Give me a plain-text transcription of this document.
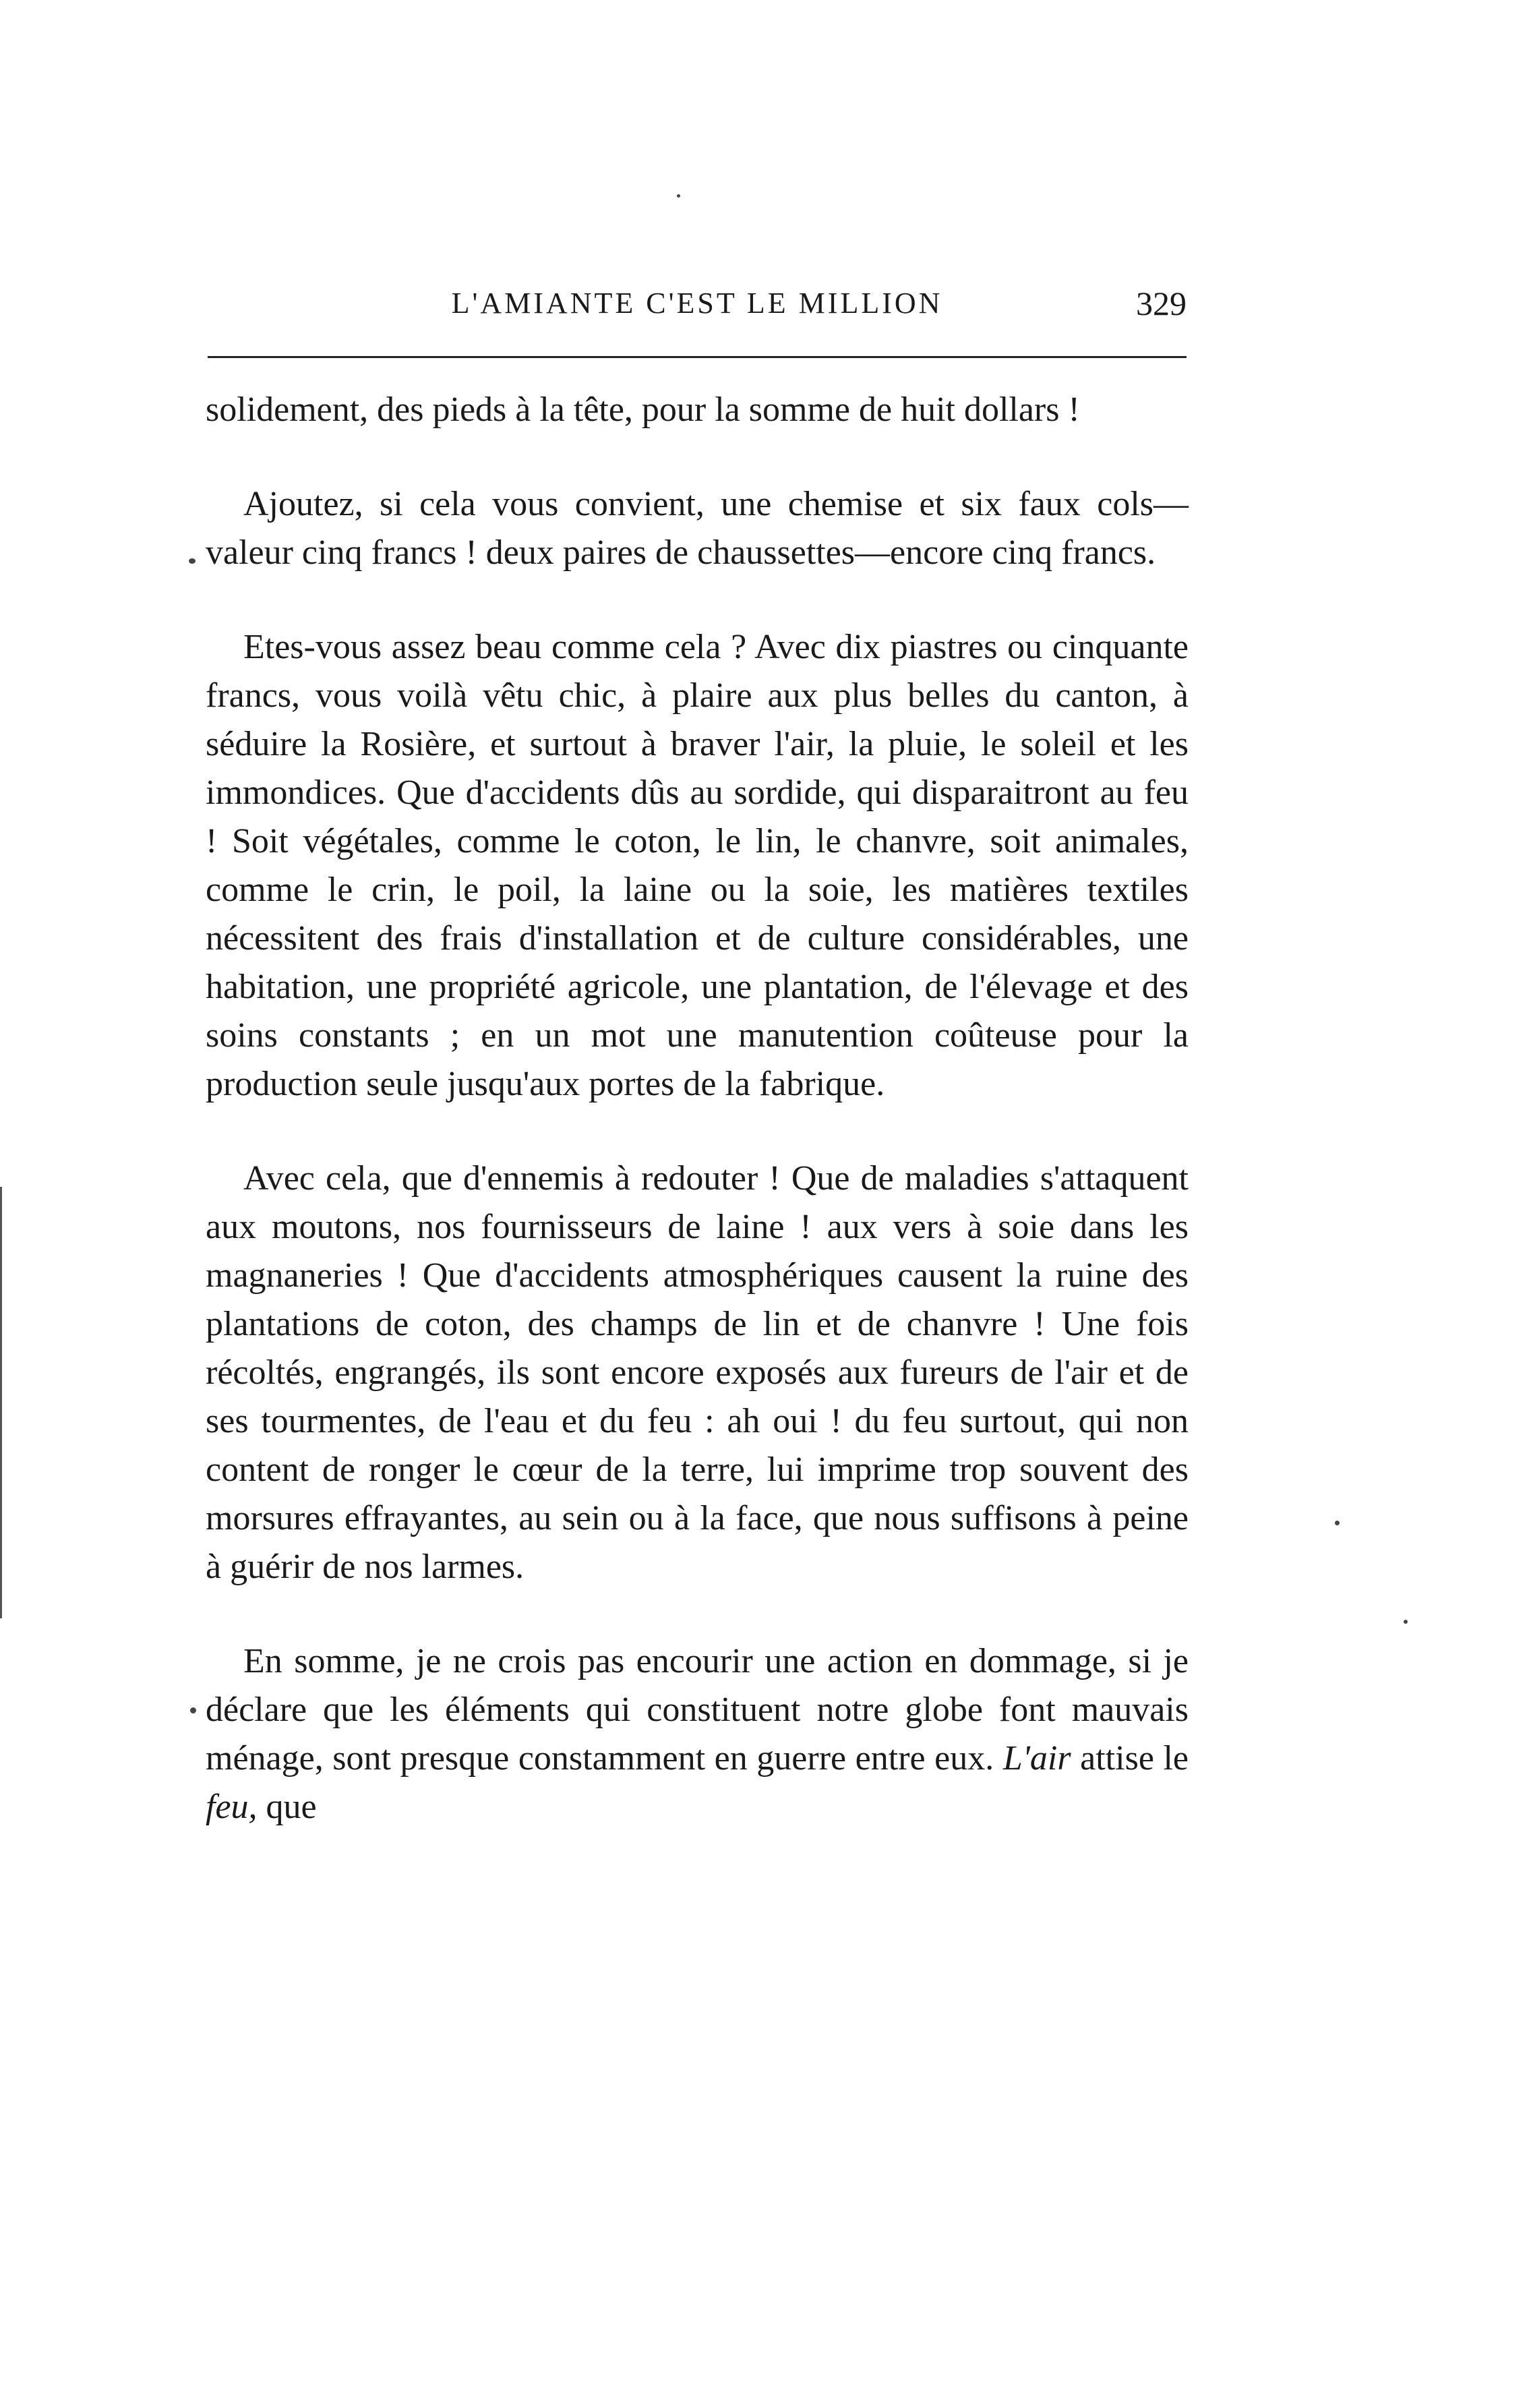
L'AMIANTE C'EST LE MILLION	329

solidement, des pieds à la tête, pour la somme de huit dollars !

Ajoutez, si cela vous convient, une chemise et six faux cols—valeur cinq francs ! deux paires de chaussettes—encore cinq francs.

Etes-vous assez beau comme cela ? Avec dix piastres ou cinquante francs, vous voilà vêtu chic, à plaire aux plus belles du canton, à séduire la Rosière, et surtout à braver l'air, la pluie, le soleil et les immondices. Que d'accidents dûs au sordide, qui disparaitront au feu ! Soit végétales, comme le coton, le lin, le chanvre, soit animales, comme le crin, le poil, la laine ou la soie, les matières textiles nécessitent des frais d'installation et de culture considérables, une habitation, une propriété agricole, une plantation, de l'élevage et des soins constants ; en un mot une manutention coûteuse pour la production seule jusqu'aux portes de la fabrique.

Avec cela, que d'ennemis à redouter ! Que de maladies s'attaquent aux moutons, nos fournisseurs de laine ! aux vers à soie dans les magnaneries ! Que d'accidents atmosphériques causent la ruine des plantations de coton, des champs de lin et de chanvre ! Une fois récoltés, engrangés, ils sont encore exposés aux fureurs de l'air et de ses tourmentes, de l'eau et du feu : ah oui ! du feu surtout, qui non content de ronger le cœur de la terre, lui imprime trop souvent des morsures effrayantes, au sein ou à la face, que nous suffisons à peine à guérir de nos larmes.

En somme, je ne crois pas encourir une action en dommage, si je déclare que les éléments qui constituent notre globe font mauvais ménage, sont presque constamment en guerre entre eux. L'air attise le feu, que
